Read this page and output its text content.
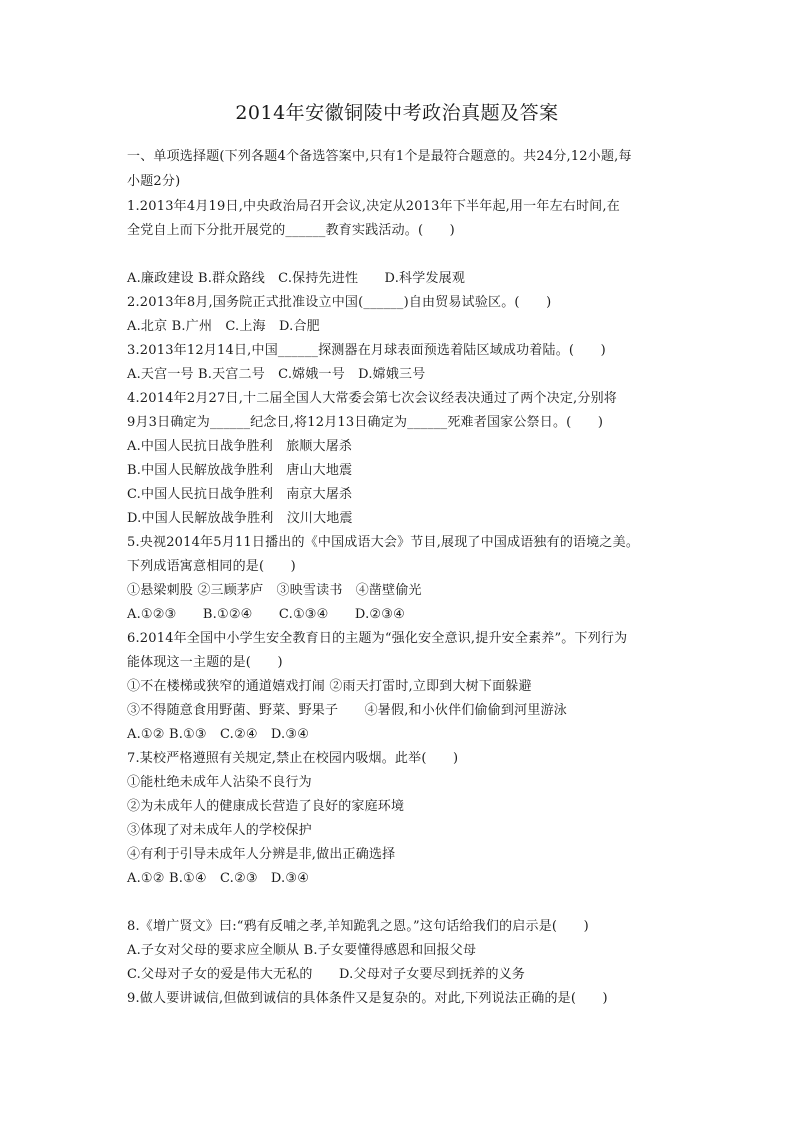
2014年安徽铜陵中考政治真题及答案
一、单项选择题(下列各题4个备选答案中,只有1个是最符合题意的。共24分,12小题,每
小题2分)
1.2013年4月19日,中央政治局召开会议,决定从2013年下半年起,用一年左右时间,在
全党自上而下分批开展党的______教育实践活动。(　　)
A.廉政建设 B.群众路线　C.保持先进性　　D.科学发展观
2.2013年8月,国务院正式批准设立中国(______)自由贸易试验区。(　　)
A.北京 B.广州　C.上海　D.合肥
3.2013年12月14日,中国______探测器在月球表面预选着陆区域成功着陆。(　　)
A.天宫一号 B.天宫二号　C.嫦娥一号　D.嫦娥三号
4.2014年2月27日,十二届全国人大常委会第七次会议经表决通过了两个决定,分别将
9月3日确定为______纪念日,将12月13日确定为______死难者国家公祭日。(　　)
A.中国人民抗日战争胜利　旅顺大屠杀
B.中国人民解放战争胜利　唐山大地震
C.中国人民抗日战争胜利　南京大屠杀
D.中国人民解放战争胜利　汶川大地震
5.央视2014年5月11日播出的《中国成语大会》节目,展现了中国成语独有的语境之美。
下列成语寓意相同的是(　　)
①悬梁刺股 ②三顾茅庐　③映雪读书　④凿壁偷光
A.①②③　　B.①②④　　C.①③④　　D.②③④
6.2014年全国中小学生安全教育日的主题为“强化安全意识,提升安全素养”。下列行为
能体现这一主题的是(　　)
①不在楼梯或狭窄的通道嬉戏打闹 ②雨天打雷时,立即到大树下面躲避
③不得随意食用野菌、野菜、野果子　　④暑假,和小伙伴们偷偷到河里游泳
A.①② B.①③　C.②④　D.③④
7.某校严格遵照有关规定,禁止在校园内吸烟。此举(　　)
①能杜绝未成年人沾染不良行为
②为未成年人的健康成长营造了良好的家庭环境
③体现了对未成年人的学校保护
④有利于引导未成年人分辨是非,做出正确选择
A.①② B.①④　C.②③　D.③④
8.《增广贤文》曰:“鸦有反哺之孝,羊知跪乳之恩。”这句话给我们的启示是(　　)
A.子女对父母的要求应全顺从 B.子女要懂得感恩和回报父母
C.父母对子女的爱是伟大无私的　　D.父母对子女要尽到抚养的义务
9.做人要讲诚信,但做到诚信的具体条件又是复杂的。对此,下列说法正确的是(　　)
